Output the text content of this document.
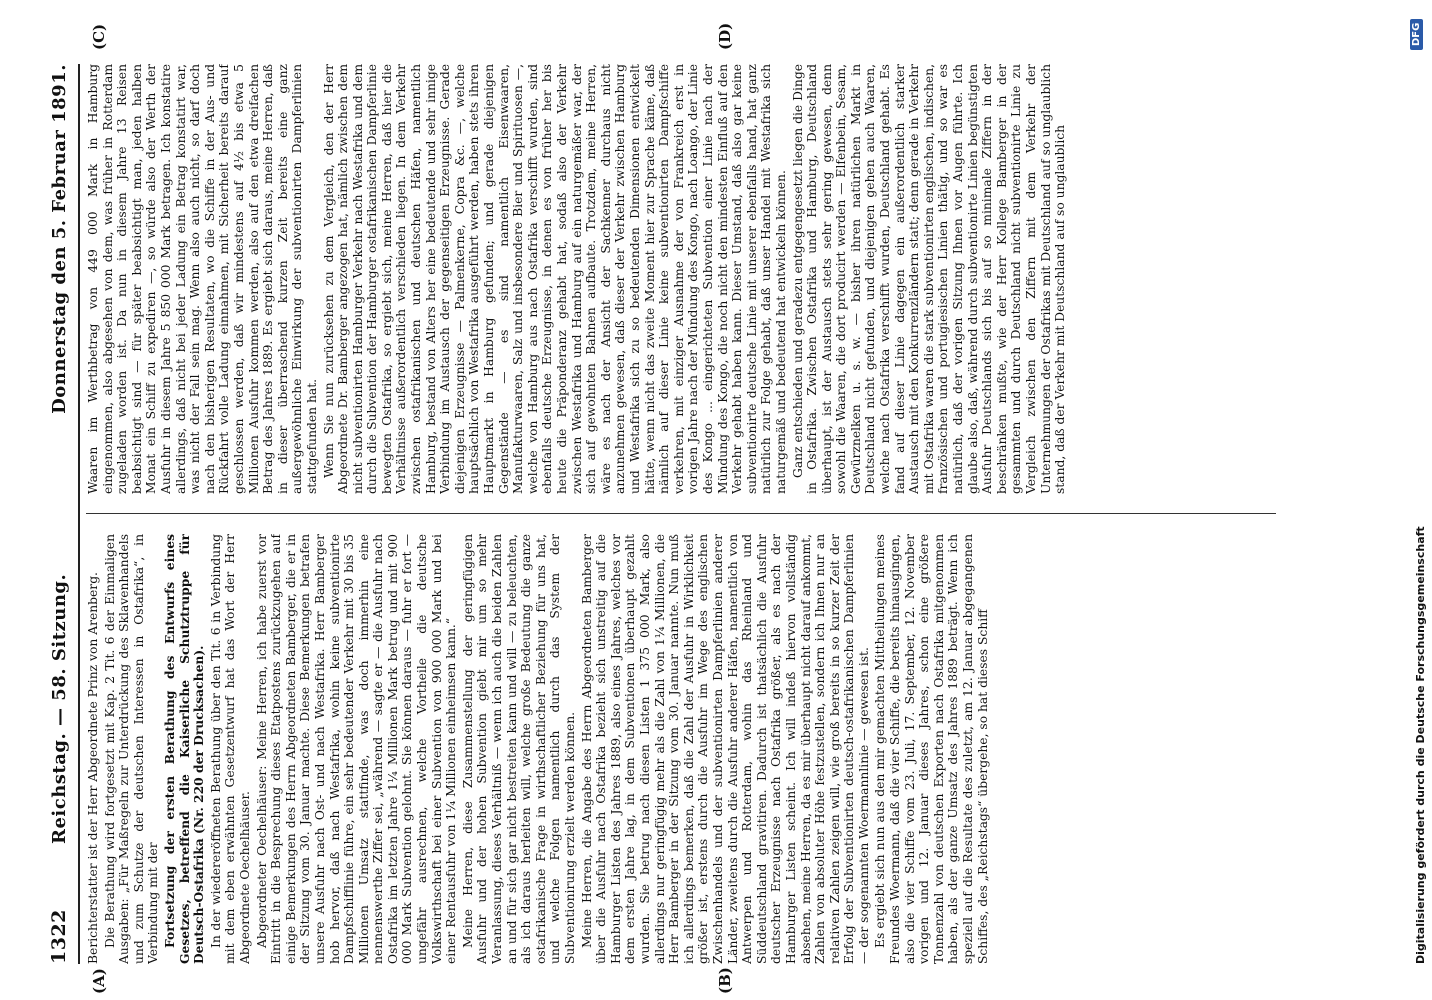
1322
Reichstag. — 58. Sitzung.
Donnerstag den 5. Februar 1891.
(A)	(B)
(C)	(D)

Berichterstatter ist der Herr Abgeordnete Prinz von Arenberg. Die Berathung wird fortgesetzt mit Kap. 2 Tit. 6 der Einmaligen Ausgaben: „Für Maßregeln zur Unterdrückung des Sklavenhandels und zum Schutze der deutschen Interessen in Ostafrika“, in Verbindung mit der Fortsetzung der ersten Berathung des Entwurfs eines Gesetzes, betreffend die Kaiserliche Schutztruppe für Deutsch-Ostafrika (Nr. 220 der Drucksachen). In der wiedereröffneten Berathung über den Tit. 6 in Verbindung mit dem eben erwähnten Gesetzentwurf hat das Wort der Herr Abgeordnete Oechelhäuser. Abgeordneter Oechelhäuser: Meine Herren, ich habe zuerst vor Eintritt in die Besprechung dieses Etatpostens zurückzugehen auf einige Bemerkungen des Herrn Abgeordneten Bamberger, die er in der Sitzung vom 30. Januar machte. Diese Bemerkungen betrafen unsere Ausfuhr nach Ost- und nach Westafrika. Herr Bamberger hob hervor, daß nach Westafrika, wohin keine subventionirte Dampfschifflinie führe, ein sehr bedeutender Verkehr mit 30 bis 35 Millionen Umsatz stattfinde, was doch immerhin eine nennenswerthe Ziffer sei, „während — sagte er — die Ausfuhr nach Ostafrika im letzten Jahre 1¼ Millionen Mark betrug und mit 900 000 Mark Subvention gelohnt. Sie können daraus — fuhr er fort — ungefähr ausrechnen, welche Vortheile die deutsche Volkswirthschaft bei einer Subvention von 900 000 Mark und bei einer Rentausfuhr von 1¼ Millionen einheimsen kann.“ Meine Herren, diese Zusammenstellung der geringfügigen Ausfuhr und der hohen Subvention giebt mir um so mehr Veranlassung, dieses Verhältniß — wenn ich auch die beiden Zahlen an und für sich gar nicht bestreiten kann und will — zu beleuchten, als ich daraus herleiten will, welche große Bedeutung die ganze ostafrikanische Frage in wirthschaftlicher Beziehung für uns hat, und welche Folgen namentlich durch das System der Subventionirung erzielt werden können. Meine Herren, die Angabe des Herrn Abgeordneten Bamberger über die Ausfuhr nach Ostafrika bezieht sich unstreitig auf die Hamburger Listen des Jahres 1889, also eines Jahres, welches vor dem ersten Jahre lag, in dem Subventionen überhaupt gezahlt wurden. Sie betrug nach diesen Listen 1 375 000 Mark, also allerdings nur geringfügig mehr als die Zahl von 1¼ Millionen, die Herr Bamberger in der Sitzung vom 30. Januar nannte. Nun muß ich allerdings bemerken, daß die Zahl der Ausfuhr in Wirklichkeit größer ist, erstens durch die Ausfuhr im Wege des englischen Zwischenhandels und der subventionirten Dampferlinien anderer Länder, zweitens durch die Ausfuhr anderer Häfen, namentlich von Antwerpen und Rotterdam, wohin das Rheinland und Süddeutschland gravitiren. Dadurch ist thatsächlich die Ausfuhr deutscher Erzeugnisse nach Ostafrika größer, als es nach der Hamburger Listen scheint. Ich will indeß hiervon vollständig absehen, meine Herren, da es mir überhaupt nicht darauf ankommt, Zahlen von absoluter Höhe festzustellen, sondern ich Ihnen nur an relativen Zahlen zeigen will, wie groß bereits in so kurzer Zeit der Erfolg der Subventionirten deutsch-ostafrikanischen Dampferlinien — der sogenannten Woermannlinie — gewesen ist. Es ergiebt sich nun aus den mir gemachten Mittheilungen meines Freundes Woermann, daß die vier Schiffe, die bereits hinausgingen, also die vier Schiffe vom 23. Juli, 17. September, 12. November vorigen und 12. Januar dieses Jahres, schon eine größere Tonnenzahl von deutschen Exporten nach Ostafrika mitgenommen haben, als der ganze Umsatz des Jahres 1889 beträgt. Wenn ich speziell auf die Resultate des zuletzt, am 12. Januar abgegangenen Schiffes, des „Reichstags“ übergehe, so hat dieses Schiff

Waaren im Werthbetrag von 449 000 Mark in Hamburg eingenommen, also abgesehen von dem, was früher in Rotterdam zugeladen worden ist. Da nun in diesem Jahre 13 Reisen beabsichtigt sind — für später beabsichtigt man, jeden halben Monat ein Schiff zu expediren —, so würde also der Werth der Ausfuhr in diesem Jahre 5 850 000 Mark betragen. Ich konstatire allerdings, daß nicht bei jeder Ladung ein Betrag konstatirt war, was nicht der Fall sein mag. Wenn also auch nicht, so darf doch nach den bisherigen Resultaten, wo die Schiffe in der Aus- und Rückfahrt volle Ladung einnahmen, mit Sicherheit bereits darauf geschlossen werden, daß wir mindestens auf 4½ bis etwa 5 Millionen Ausfuhr kommen werden, also auf den etwa dreifachen Betrag des Jahres 1889. Es ergiebt sich daraus, meine Herren, daß in dieser überraschend kurzen Zeit bereits eine ganz außergewöhnliche Einwirkung der subventionirten Dampferlinien stattgefunden hat. Wenn Sie nun zurücksehen zu dem Vergleich, den der Herr Abgeordnete Dr. Bamberger angezogen hat, nämlich zwischen dem nicht subventionirten Hamburger Verkehr nach Westafrika und dem durch die Subvention der Hamburger ostafrikanischen Dampferlinie bewegten Ostafrika, so ergiebt sich, meine Herren, daß hier die Verhältnisse außerordentlich verschieden liegen. In dem Verkehr zwischen ostafrikanischen und deutschen Häfen, namentlich Hamburg, bestand von Alters her eine bedeutende und sehr innige Verbindung im Austausch der gegenseitigen Erzeugnisse. Gerade diejenigen Erzeugnisse — Palmenkerne, Copra &c. —, welche hauptsächlich von Westafrika ausgeführt werden, haben stets ihren Hauptmarkt in Hamburg gefunden; und gerade diejenigen Gegenstände — es sind namentlich Eisenwaaren, Manufakturwaaren, Salz und insbesondere Bier und Spirituosen —, welche von Hamburg aus nach Ostafrika verschifft wurden, sind ebenfalls deutsche Erzeugnisse, in denen es von früher her bis heute die Präponderanz gehabt hat, sodaß also der Verkehr zwischen Westafrika und Hamburg auf ein naturgemäßer war, der sich auf gewohnten Bahnen aufbaute. Trotzdem, meine Herren, wäre es nach der Ansicht der Sachkenner durchaus nicht anzunehmen gewesen, daß dieser der Verkehr zwischen Hamburg und Westafrika sich zu so bedeutenden Dimensionen entwickelt hätte, wenn nicht das zweite Moment hier zur Sprache käme, daß nämlich auf dieser Linie keine subventionirten Dampfschiffe verkehren, mit einziger Ausnahme der von Frankreich erst in vorigen Jahre nach der Mündung des Kongo, nach Loango, der Linie des Kongo ... eingerichteten Subvention einer Linie nach der Mündung des Kongo, die noch nicht den mindesten Einfluß auf den Verkehr gehabt haben kann. Dieser Umstand, daß also gar keine subventionirte deutsche Linie mit unserer ebenfalls hand, hat ganz natürlich zur Folge gehabt, daß unser Handel mit Westafrika sich naturgemäß und bedeutend hat entwickeln können. Ganz entschieden und geradezu entgegengesetzt liegen die Dinge in Ostafrika. Zwischen Ostafrika und Hamburg, Deutschland überhaupt, ist der Austausch stets sehr gering gewesen, denn sowohl die Waaren, die dort producirt werden — Elfenbein, Sesam, Gewürznelken u. s. w. — bisher ihren natürlichen Markt in Deutschland nicht gefunden, und diejenigen gehen auch Waaren, welche nach Ostafrika verschifft wurden, Deutschland gehabt. Es fand auf dieser Linie dagegen ein außerordentlich starker Austausch mit den Konkurrenzländern statt; denn gerade in Verkehr mit Ostafrika waren die stark subventionirten englischen, indischen, französischen und portugiesischen Linien thätig, und so war es natürlich, daß der vorigen Sitzung Ihnen vor Augen führte. Ich glaube also, daß, während durch subventionirte Linien begünstigten Ausfuhr Deutschlands sich bis auf so minimale Ziffern in der beschränken mußte, wie der Herr Kollege Bamberger in der gesammten und durch Deutschland nicht subventionirte Linie zu Vergleich zwischen den Ziffern mit dem Verkehr der Unternehmungen der Ostafrikas mit Deutschland auf so unglaublich stand, daß der Verkehr mit Deutschland auf so unglaublich

Digitalisierung gefördert durch die Deutsche Forschungsgemeinschaft
DFG
